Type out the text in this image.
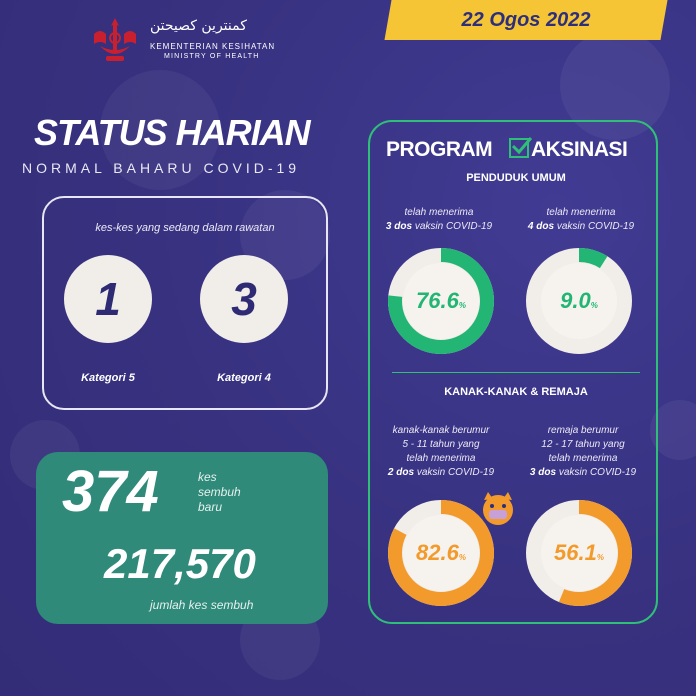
22 Ogos 2022
كمنترين كصيحتن
KEMENTERIAN KESIHATAN
MINISTRY OF HEALTH
STATUS HARIAN
NORMAL BAHARU COVID-19
kes-kes yang sedang dalam rawatan
1	3
Kategori 5	Kategori 4
374	kes
sembuh
baru
217,570
jumlah kes sembuh
PROGRAM AKSINASI
PENDUDUK UMUM
telah menerima
3 dos vaksin COVID-19
76.6%
telah menerima
4 dos vaksin COVID-19
9.0%
KANAK-KANAK & REMAJA
kanak-kanak berumur
5 - 11 tahun yang
telah menerima
2 dos vaksin COVID-19
82.6%
remaja berumur
12 - 17 tahun yang
telah menerima
3 dos vaksin COVID-19
56.1%
